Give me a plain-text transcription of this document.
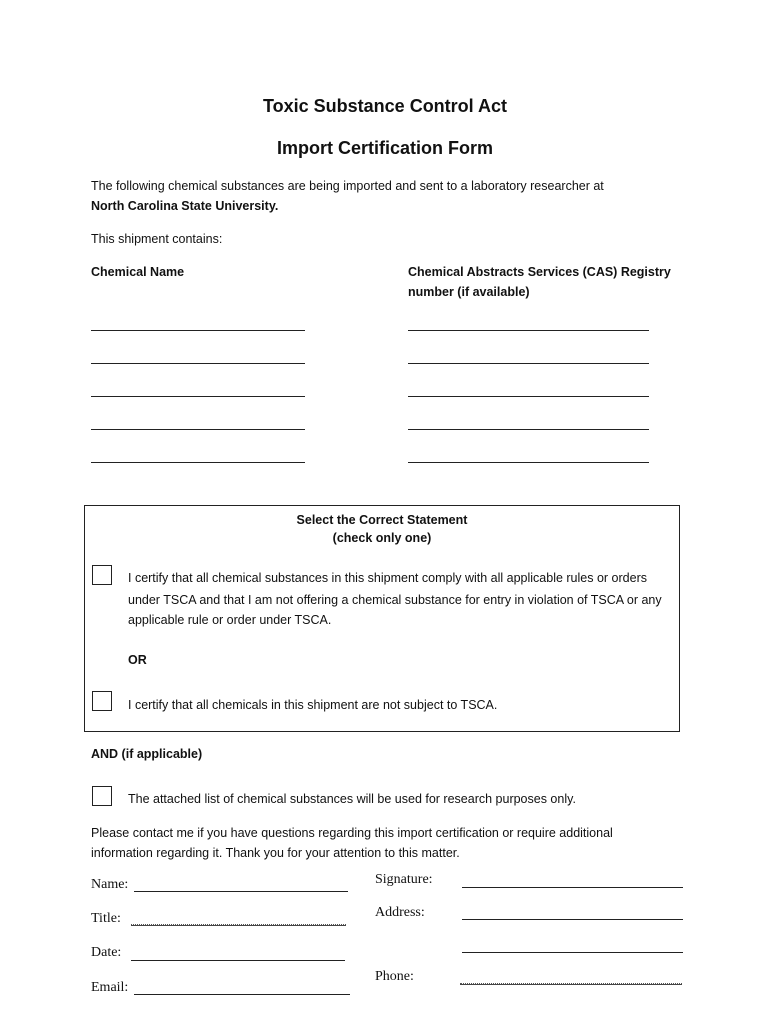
Toxic Substance Control Act
Import Certification Form
The following chemical substances are being imported and sent to a laboratory researcher at
North Carolina State University.
This shipment contains:
Chemical Name	Chemical Abstracts Services (CAS) Registry
number (if available)
Select the Correct Statement
(check only one)
I certify that all chemical substances in this shipment comply with all applicable rules or orders
under TSCA and that I am not offering a chemical substance for entry in violation of TSCA or any
applicable rule or order under TSCA.
OR
I certify that all chemicals in this shipment are not subject to TSCA.
AND (if applicable)
The attached list of chemical substances will be used for research purposes only.
Please contact me if you have questions regarding this import certification or require additional
information regarding it. Thank you for your attention to this matter.
Name:
Title:
Date:
Email:
Signature:
Address:
Phone:
